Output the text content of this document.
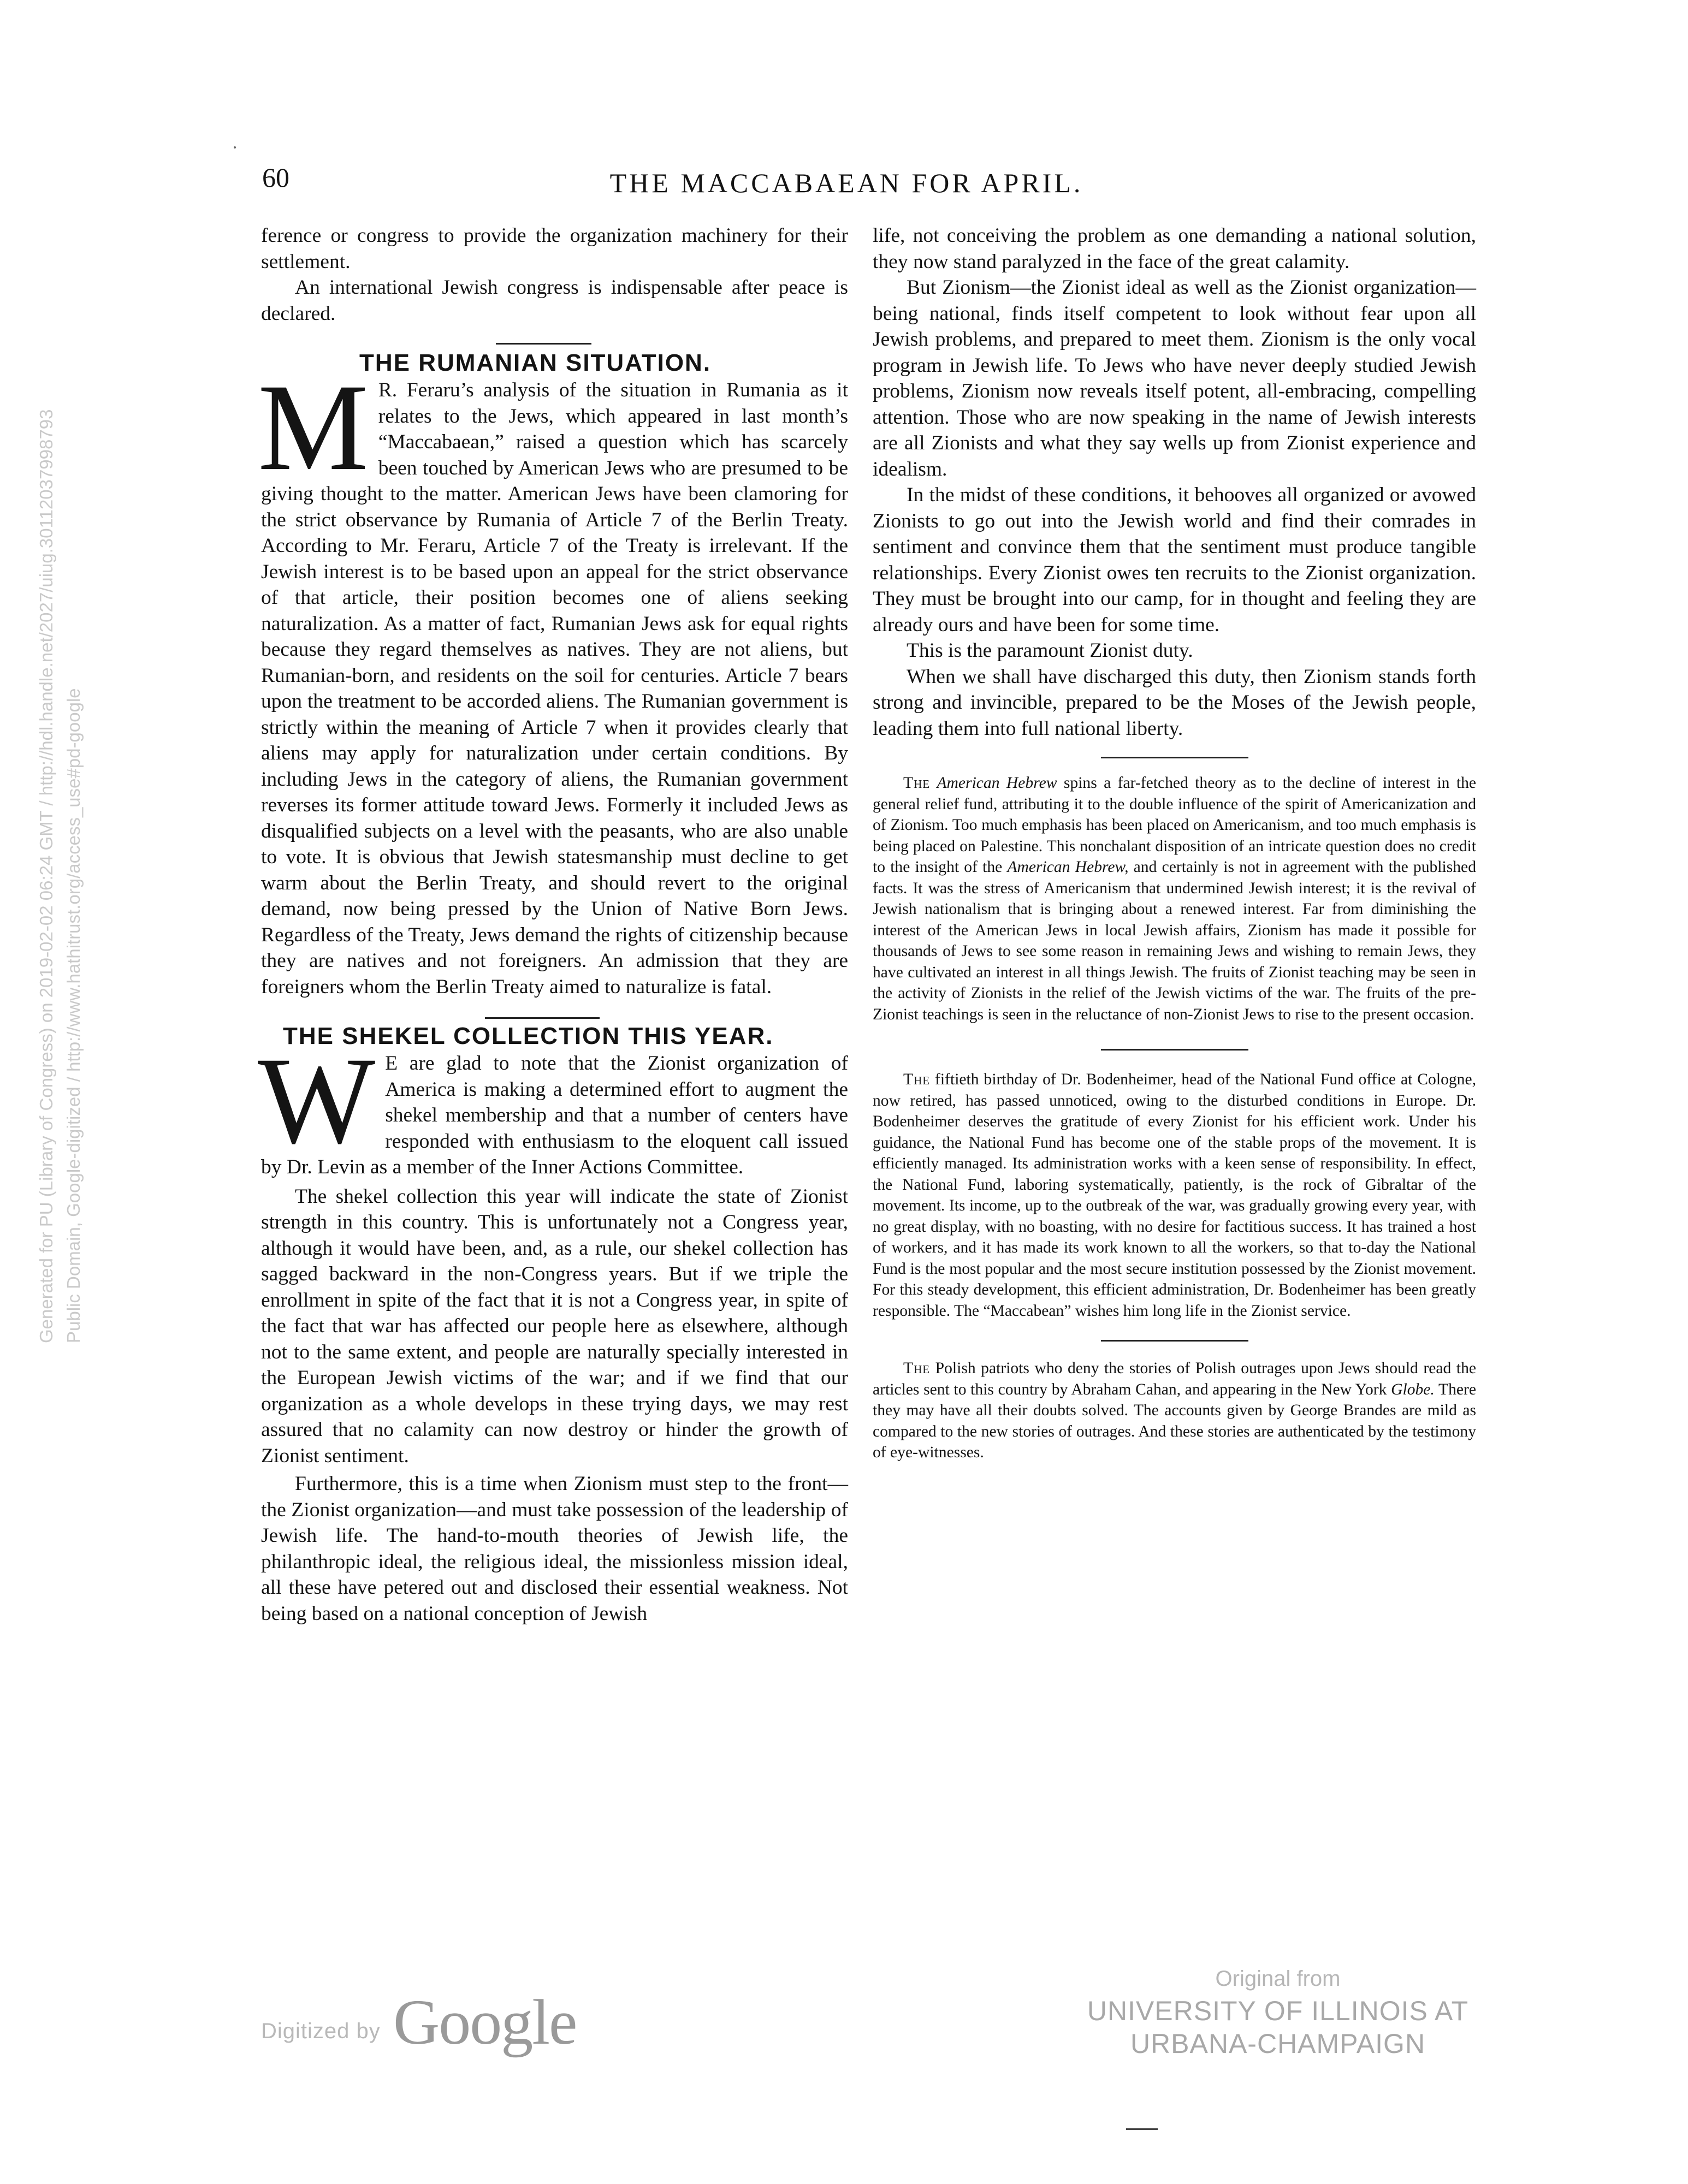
60	THE MACCABAEAN FOR APRIL.

ference or congress to provide the organization machinery for their settlement.

An international Jewish congress is indispensable after peace is declared.

THE RUMANIAN SITUATION.

M R. Feraru’s analysis of the situation in Rumania as it relates to the Jews, which appeared in last month’s “Maccabaean,” raised a question which has scarcely been touched by American Jews who are presumed to be giving thought to the matter. American Jews have been clamoring for the strict observance by Rumania of Article 7 of the Berlin Treaty. According to Mr. Feraru, Article 7 of the Treaty is irrelevant. If the Jewish interest is to be based upon an appeal for the strict observance of that article, their position becomes one of aliens seeking naturalization. As a matter of fact, Rumanian Jews ask for equal rights because they regard themselves as natives. They are not aliens, but Rumanian-born, and residents on the soil for centuries. Article 7 bears upon the treatment to be accorded aliens. The Rumanian government is strictly within the meaning of Article 7 when it provides clearly that aliens may apply for naturalization under certain conditions. By including Jews in the category of aliens, the Rumanian government reverses its former attitude toward Jews. Formerly it included Jews as disqualified subjects on a level with the peasants, who are also unable to vote. It is obvious that Jewish statesmanship must decline to get warm about the Berlin Treaty, and should revert to the original demand, now being pressed by the Union of Native Born Jews. Regardless of the Treaty, Jews demand the rights of citizenship because they are natives and not foreigners. An admission that they are foreigners whom the Berlin Treaty aimed to naturalize is fatal.

THE SHEKEL COLLECTION THIS YEAR.

W E are glad to note that the Zionist organization of America is making a determined effort to augment the shekel membership and that a number of centers have responded with enthusiasm to the eloquent call issued by Dr. Levin as a member of the Inner Actions Committee.

The shekel collection this year will indicate the state of Zionist strength in this country. This is unfortunately not a Congress year, although it would have been, and, as a rule, our shekel collection has sagged backward in the non-Congress years. But if we triple the enrollment in spite of the fact that it is not a Congress year, in spite of the fact that war has affected our people here as elsewhere, although not to the same extent, and people are naturally specially interested in the European Jewish victims of the war; and if we find that our organization as a whole develops in these trying days, we may rest assured that no calamity can now destroy or hinder the growth of Zionist sentiment.

Furthermore, this is a time when Zionism must step to the front—the Zionist organization—and must take possession of the leadership of Jewish life. The hand-to-mouth theories of Jewish life, the philanthropic ideal, the religious ideal, the missionless mission ideal, all these have petered out and disclosed their essential weakness. Not being based on a national conception of Jewish

life, not conceiving the problem as one demanding a national solution, they now stand paralyzed in the face of the great calamity.

But Zionism—the Zionist ideal as well as the Zionist organization—being national, finds itself competent to look without fear upon all Jewish problems, and prepared to meet them. Zionism is the only vocal program in Jewish life. To Jews who have never deeply studied Jewish problems, Zionism now reveals itself potent, all-embracing, compelling attention. Those who are now speaking in the name of Jewish interests are all Zionists and what they say wells up from Zionist experience and idealism.

In the midst of these conditions, it behooves all organized or avowed Zionists to go out into the Jewish world and find their comrades in sentiment and convince them that the sentiment must produce tangible relationships. Every Zionist owes ten recruits to the Zionist organization. They must be brought into our camp, for in thought and feeling they are already ours and have been for some time.

This is the paramount Zionist duty.

When we shall have discharged this duty, then Zionism stands forth strong and invincible, prepared to be the Moses of the Jewish people, leading them into full national liberty.

The American Hebrew spins a far-fetched theory as to the decline of interest in the general relief fund, attributing it to the double influence of the spirit of Americanization and of Zionism. Too much emphasis has been placed on Americanism, and too much emphasis is being placed on Palestine. This nonchalant disposition of an intricate question does no credit to the insight of the American Hebrew, and certainly is not in agreement with the published facts. It was the stress of Americanism that undermined Jewish interest; it is the revival of Jewish nationalism that is bringing about a renewed interest. Far from diminishing the interest of the American Jews in local Jewish affairs, Zionism has made it possible for thousands of Jews to see some reason in remaining Jews and wishing to remain Jews, they have cultivated an interest in all things Jewish. The fruits of Zionist teaching may be seen in the activity of Zionists in the relief of the Jewish victims of the war. The fruits of the pre-Zionist teachings is seen in the reluctance of non-Zionist Jews to rise to the present occasion.

The fiftieth birthday of Dr. Bodenheimer, head of the National Fund office at Cologne, now retired, has passed unnoticed, owing to the disturbed conditions in Europe. Dr. Bodenheimer deserves the gratitude of every Zionist for his efficient work. Under his guidance, the National Fund has become one of the stable props of the movement. It is efficiently managed. Its administration works with a keen sense of responsibility. In effect, the National Fund, laboring systematically, patiently, is the rock of Gibraltar of the movement. Its income, up to the outbreak of the war, was gradually growing every year, with no great display, with no boasting, with no desire for factitious success. It has trained a host of workers, and it has made its work known to all the workers, so that to-day the National Fund is the most popular and the most secure institution possessed by the Zionist movement. For this steady development, this efficient administration, Dr. Bodenheimer has been greatly responsible. The “Maccabean” wishes him long life in the Zionist service.

The Polish patriots who deny the stories of Polish outrages upon Jews should read the articles sent to this country by Abraham Cahan, and appearing in the New York Globe. There they may have all their doubts solved. The accounts given by George Brandes are mild as compared to the new stories of outrages. And these stories are authenticated by the testimony of eye-witnesses.

Generated for PU (Library of Congress) on 2019-02-02 06:24 GMT / http://hdl.handle.net/2027/uiug.30112037998793 Public Domain, Google-digitized / http://www.hathitrust.org/access_use#pd-google
Digitized by Google
Original from
UNIVERSITY OF ILLINOIS AT
URBANA-CHAMPAIGN
